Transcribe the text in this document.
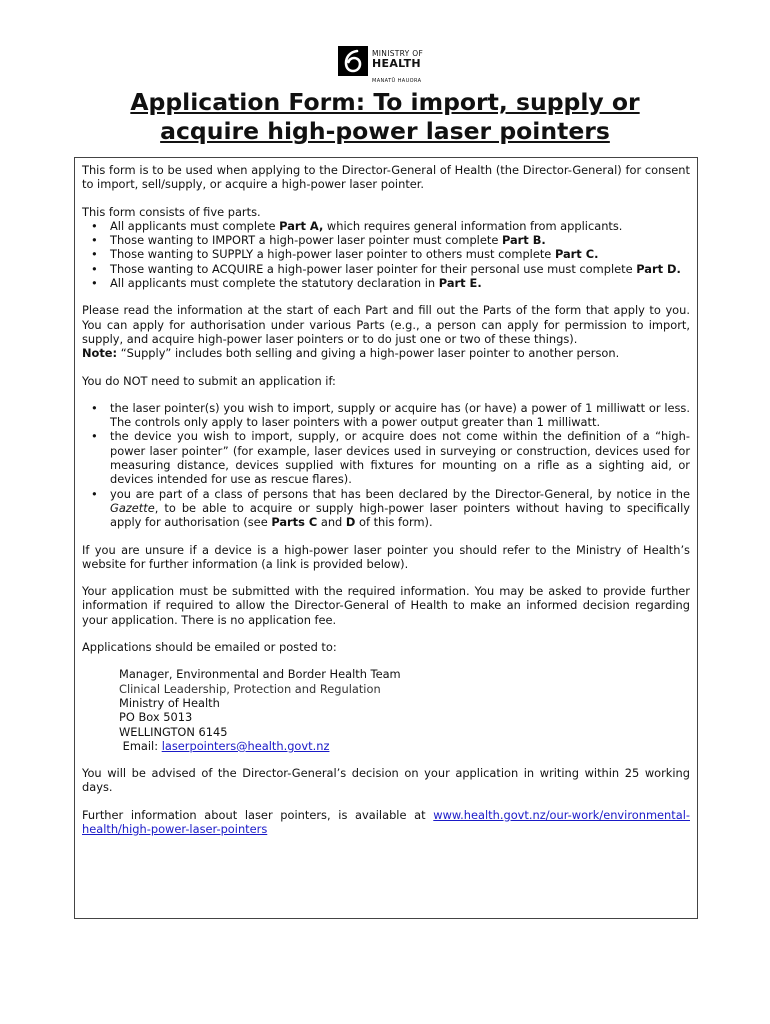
MINISTRY OF
HEALTH
MANATŪ HAUORA
Application Form: To import, supply or
acquire high-power laser pointers

This form is to be used when applying to the Director-General of Health (the Director-General) for consent to import, sell/supply, or acquire a high-power laser pointer.

This form consists of five parts.

• All applicants must complete Part A, which requires general information from applicants.
• Those wanting to IMPORT a high-power laser pointer must complete Part B.
• Those wanting to SUPPLY a high-power laser pointer to others must complete Part C.
• Those wanting to ACQUIRE a high-power laser pointer for their personal use must complete Part D.
• All applicants must complete the statutory declaration in Part E.

Please read the information at the start of each Part and fill out the Parts of the form that apply to you. You can apply for authorisation under various Parts (e.g., a person can apply for permission to import, supply, and acquire high-power laser pointers or to do just one or two of these things).

Note: “Supply” includes both selling and giving a high-power laser pointer to another person.

You do NOT need to submit an application if:

• the laser pointer(s) you wish to import, supply or acquire has (or have) a power of 1 milliwatt or less. The controls only apply to laser pointers with a power output greater than 1 milliwatt.
• the device you wish to import, supply, or acquire does not come within the definition of a “high-power laser pointer” (for example, laser devices used in surveying or construction, devices used for measuring distance, devices supplied with fixtures for mounting on a rifle as a sighting aid, or devices intended for use as rescue flares).
• you are part of a class of persons that has been declared by the Director-General, by notice in the Gazette, to be able to acquire or supply high-power laser pointers without having to specifically apply for authorisation (see Parts C and D of this form).

If you are unsure if a device is a high-power laser pointer you should refer to the Ministry of Health’s website for further information (a link is provided below).

Your application must be submitted with the required information. You may be asked to provide further information if required to allow the Director-General of Health to make an informed decision regarding your application. There is no application fee.

Applications should be emailed or posted to:

Manager, Environmental and Border Health Team
Clinical Leadership, Protection and Regulation
Ministry of Health
PO Box 5013
WELLINGTON 6145
Email: laserpointers@health.govt.nz

You will be advised of the Director-General’s decision on your application in writing within 25 working days.

Further information about laser pointers, is available at www.health.govt.nz/our-work/environmental-health/high-power-laser-pointers
